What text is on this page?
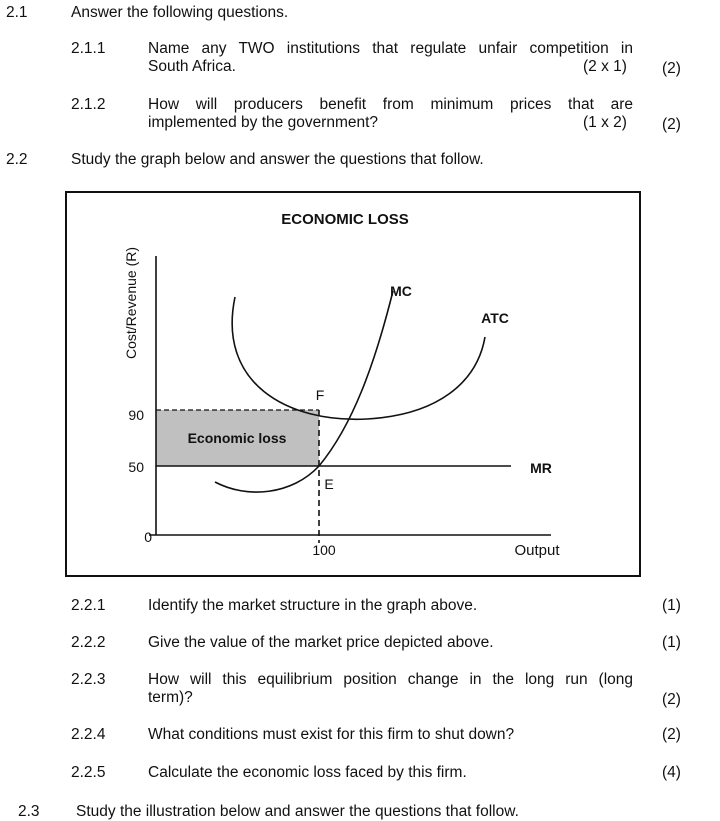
2.1	Answer the following questions.
2.1.1	Name any TWO institutions that regulate unfair competition in
South Africa.	(2 x 1) (2)
2.1.2	How will producers benefit from minimum prices that are
implemented by the government?	(1 x 2) (2)
2.2	Study the graph below and answer the questions that follow.
ECONOMIC LOSS
Cost/Revenue (R)
Output
90
50
0
100
MC
ATC
MR
F
E
Economic loss
2.2.1	Identify the market structure in the graph above.	(1)
2.2.2	Give the value of the market price depicted above.	(1)
2.2.3	How will this equilibrium position change in the long run (long
term)?	(2)
2.2.4	What conditions must exist for this firm to shut down?	(2)
2.2.5	Calculate the economic loss faced by this firm.	(4)
2.3 Study the illustration below and answer the questions that follow.
